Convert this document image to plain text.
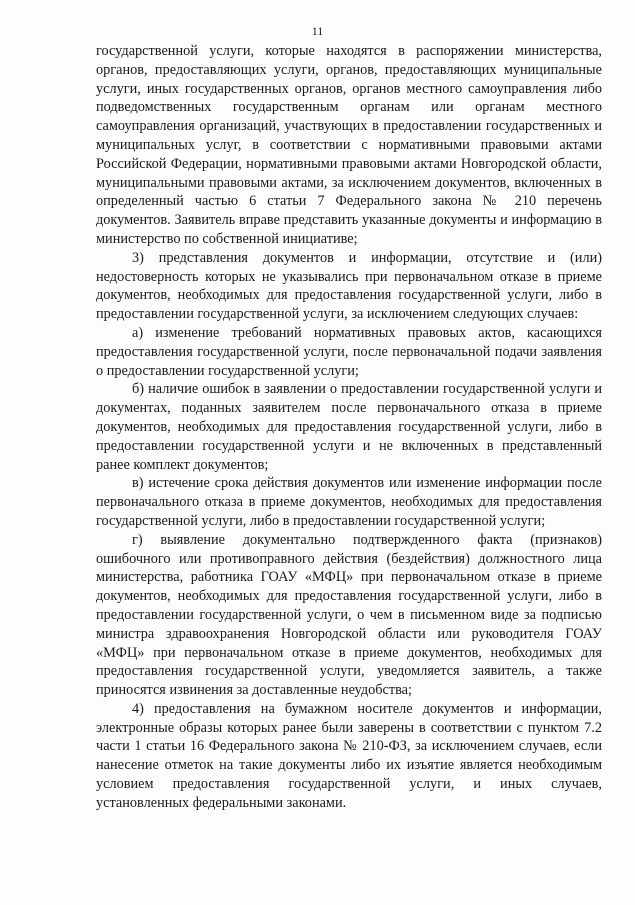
11

государственной услуги, которые находятся в распоряжении министерства, органов, предоставляющих услуги, органов, предоставляющих муниципальные услуги, иных государственных органов, органов местного самоуправления либо подведомственных государственным органам или органам местного самоуправления организаций, участвующих в предоставлении государственных и муниципальных услуг, в соответствии с нормативными правовыми актами Российской Федерации, нормативными правовыми актами Новгородской области, муниципальными правовыми актами, за исключением документов, включенных в определенный частью 6 статьи 7 Федерального закона № 210 перечень документов. Заявитель вправе представить указанные документы и информацию в министерство по собственной инициативе;

3) представления документов и информации, отсутствие и (или) недостоверность которых не указывались при первоначальном отказе в приеме документов, необходимых для предоставления государственной услуги, либо в предоставлении государственной услуги, за исключением следующих случаев:

а) изменение требований нормативных правовых актов, касающихся предоставления государственной услуги, после первоначальной подачи заявления о предоставлении государственной услуги;

б) наличие ошибок в заявлении о предоставлении государственной услуги и документах, поданных заявителем после первоначального отказа в приеме документов, необходимых для предоставления государственной услуги, либо в предоставлении государственной услуги и не включенных в представленный ранее комплект документов;

в) истечение срока действия документов или изменение информации после первоначального отказа в приеме документов, необходимых для предоставления государственной услуги, либо в предоставлении государственной услуги;

г) выявление документально подтвержденного факта (признаков) ошибочного или противоправного действия (бездействия) должностного лица министерства, работника ГОАУ «МФЦ» при первоначальном отказе в приеме документов, необходимых для предоставления государственной услуги, либо в предоставлении государственной услуги, о чем в письменном виде за подписью министра здравоохранения Новгородской области или руководителя ГОАУ «МФЦ» при первоначальном отказе в приеме документов, необходимых для предоставления государственной услуги, уведомляется заявитель, а также приносятся извинения за доставленные неудобства;

4) предоставления на бумажном носителе документов и информации, электронные образы которых ранее были заверены в соответствии с пунктом 7.2 части 1 статьи 16 Федерального закона № 210-ФЗ, за исключением случаев, если нанесение отметок на такие документы либо их изъятие является необходимым условием предоставления государственной услуги, и иных случаев, установленных федеральными законами.
